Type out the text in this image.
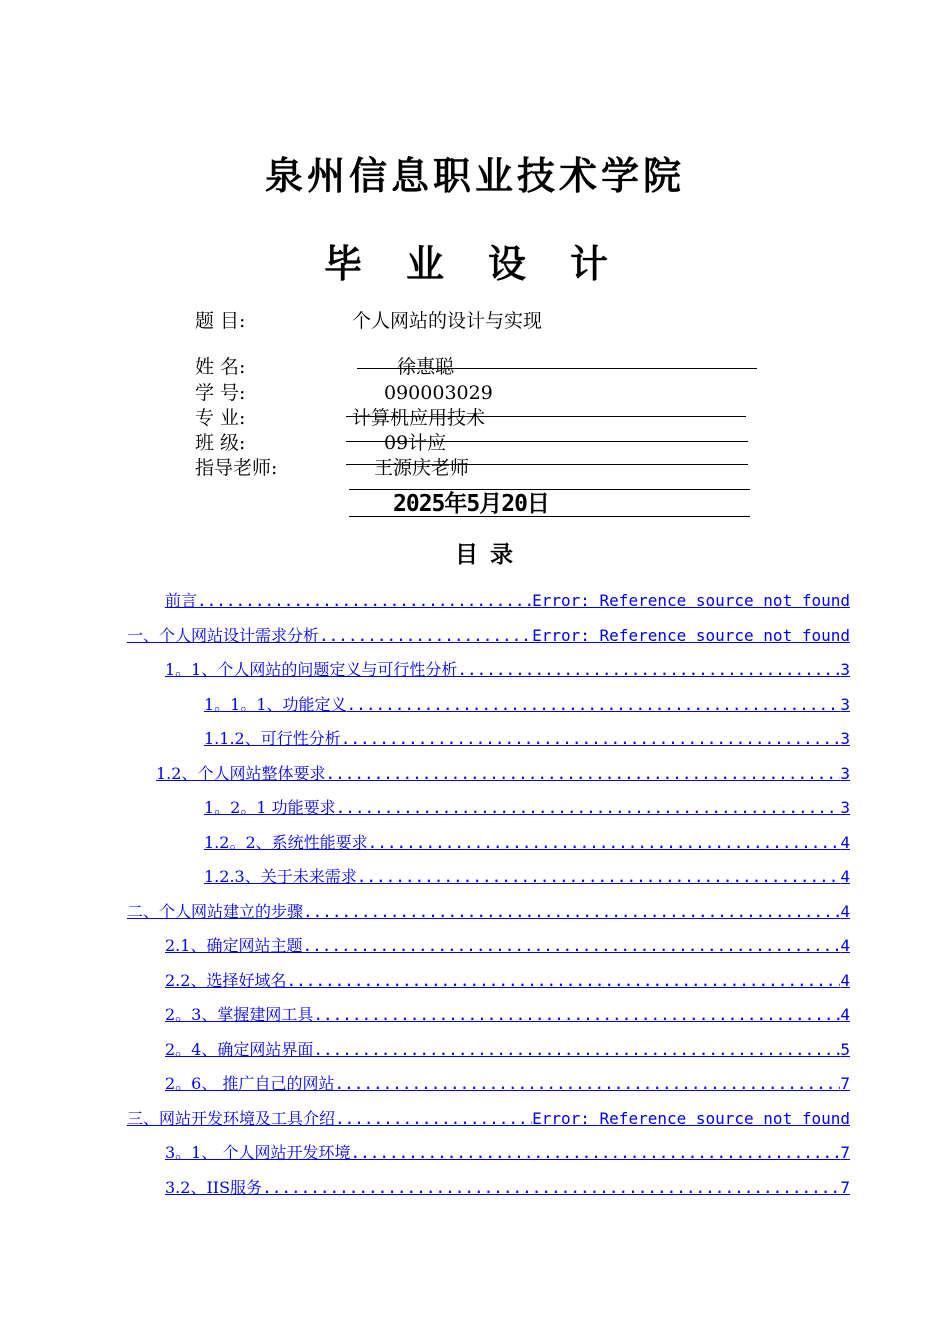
泉州信息职业技术学院
毕业设计
题 目:	个人网站的设计与实现
姓 名:	徐惠聪
学 号:	090003029
专 业:	计算机应用技术
班 级:	09计应
指导老师:	王源庆老师
2025年5月20日
目录
前言 .....	Error: Reference source not found
一、个人网站设计需求分析 .....	Error: Reference source not found
1。1、个人网站的问题定义与可行性分析 .....	3
1。1。1、功能定义 .....	3
1.1.2、可行性分析 .....	3
1.2、个人网站整体要求 .....	3
1。2。1 功能要求 .....	3
1.2。2、系统性能要求 .....	4
1.2.3、关于未来需求 .....	4
二、个人网站建立的步骤 .....	4
2.1、确定网站主题 .....	4
2.2、选择好域名 .....	4
2。3、掌握建网工具 .....	4
2。4、确定网站界面 .....	5
2。6、 推广自己的网站 .....	7
三、网站开发环境及工具介绍 .....	Error: Reference source not found
3。1、 个人网站开发环境 .....	7
3.2、IIS服务 .....	7
